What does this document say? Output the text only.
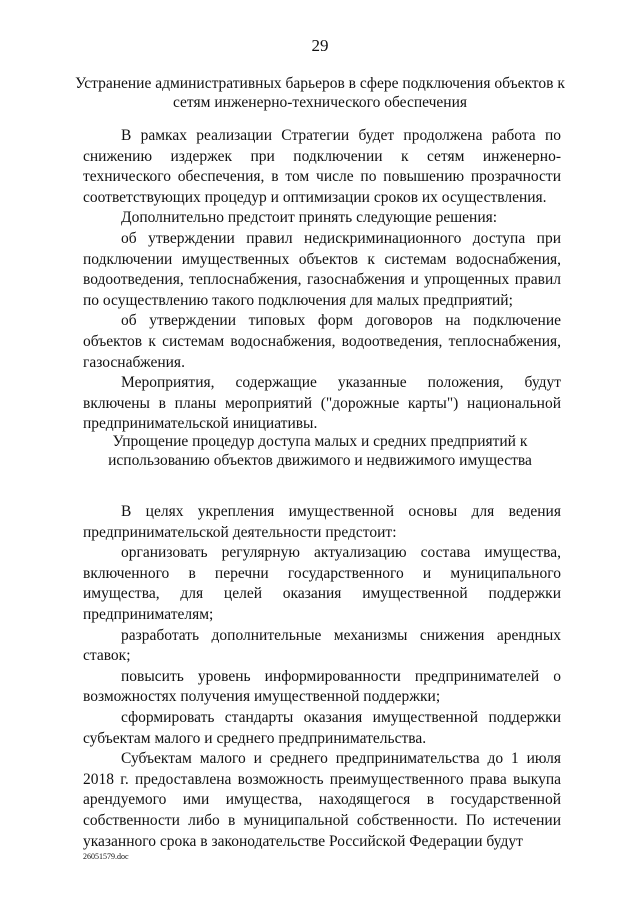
29
Устранение административных барьеров в сфере подключения объектов к сетям инженерно-технического обеспечения

В рамках реализации Стратегии будет продолжена работа по снижению издержек при подключении к сетям инженерно-технического обеспечения, в том числе по повышению прозрачности соответствующих процедур и оптимизации сроков их осуществления.

Дополнительно предстоит принять следующие решения:

об утверждении правил недискриминационного доступа при подключении имущественных объектов к системам водоснабжения, водоотведения, теплоснабжения, газоснабжения и упрощенных правил по осуществлению такого подключения для малых предприятий;

об утверждении типовых форм договоров на подключение объектов к системам водоснабжения, водоотведения, теплоснабжения, газоснабжения.

Мероприятия, содержащие указанные положения, будут включены в планы мероприятий ("дорожные карты") национальной предпринимательской инициативы.

Упрощение процедур доступа малых и средних предприятий к использованию объектов движимого и недвижимого имущества

В целях укрепления имущественной основы для ведения предпринимательской деятельности предстоит:

организовать регулярную актуализацию состава имущества, включенного в перечни государственного и муниципального имущества, для целей оказания имущественной поддержки предпринимателям;

разработать дополнительные механизмы снижения арендных ставок;

повысить уровень информированности предпринимателей о возможностях получения имущественной поддержки;

сформировать стандарты оказания имущественной поддержки субъектам малого и среднего предпринимательства.

Субъектам малого и среднего предпринимательства до 1 июля 2018 г. предоставлена возможность преимущественного права выкупа арендуемого ими имущества, находящегося в государственной собственности либо в муниципальной собственности. По истечении указанного срока в законодательстве Российской Федерации будут

26051579.doc
